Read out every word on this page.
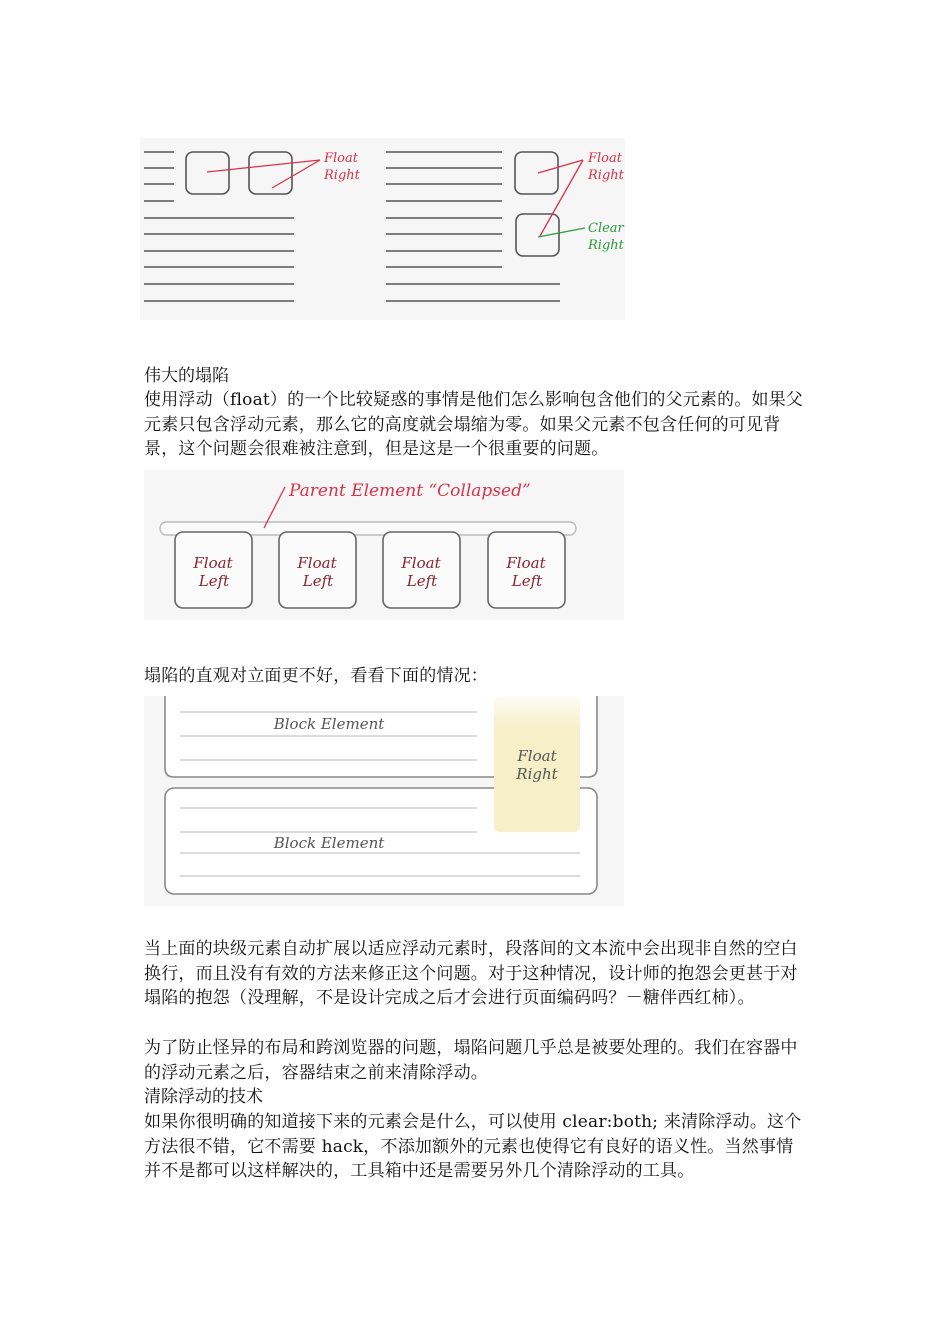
Float
Right
Float
Right
Clear
Right
伟大的塌陷

使用浮动（float）的一个比较疑惑的事情是他们怎么影响包含他们的父元素的。如果父元素只包含浮动元素，那么它的高度就会塌缩为零。如果父元素不包含任何的可见背景，这个问题会很难被注意到，但是这是一个很重要的问题。

Parent Element “Collapsed”
Float
Left
Float
Left
Float
Left
Float
Left

塌陷的直观对立面更不好，看看下面的情况：

Block Element
Block Element
Float
Right

当上面的块级元素自动扩展以适应浮动元素时，段落间的文本流中会出现非自然的空白换行，而且没有有效的方法来修正这个问题。对于这种情况，设计师的抱怨会更甚于对塌陷的抱怨（没理解，不是设计完成之后才会进行页面编码吗？－糖伴西红柿）。

为了防止怪异的布局和跨浏览器的问题，塌陷问题几乎总是被要处理的。我们在容器中的浮动元素之后，容器结束之前来清除浮动。

清除浮动的技术

如果你很明确的知道接下来的元素会是什么，可以使用 clear:both; 来清除浮动。这个方法很不错，它不需要 hack，不添加额外的元素也使得它有良好的语义性。当然事情并不是都可以这样解决的，工具箱中还是需要另外几个清除浮动的工具。
